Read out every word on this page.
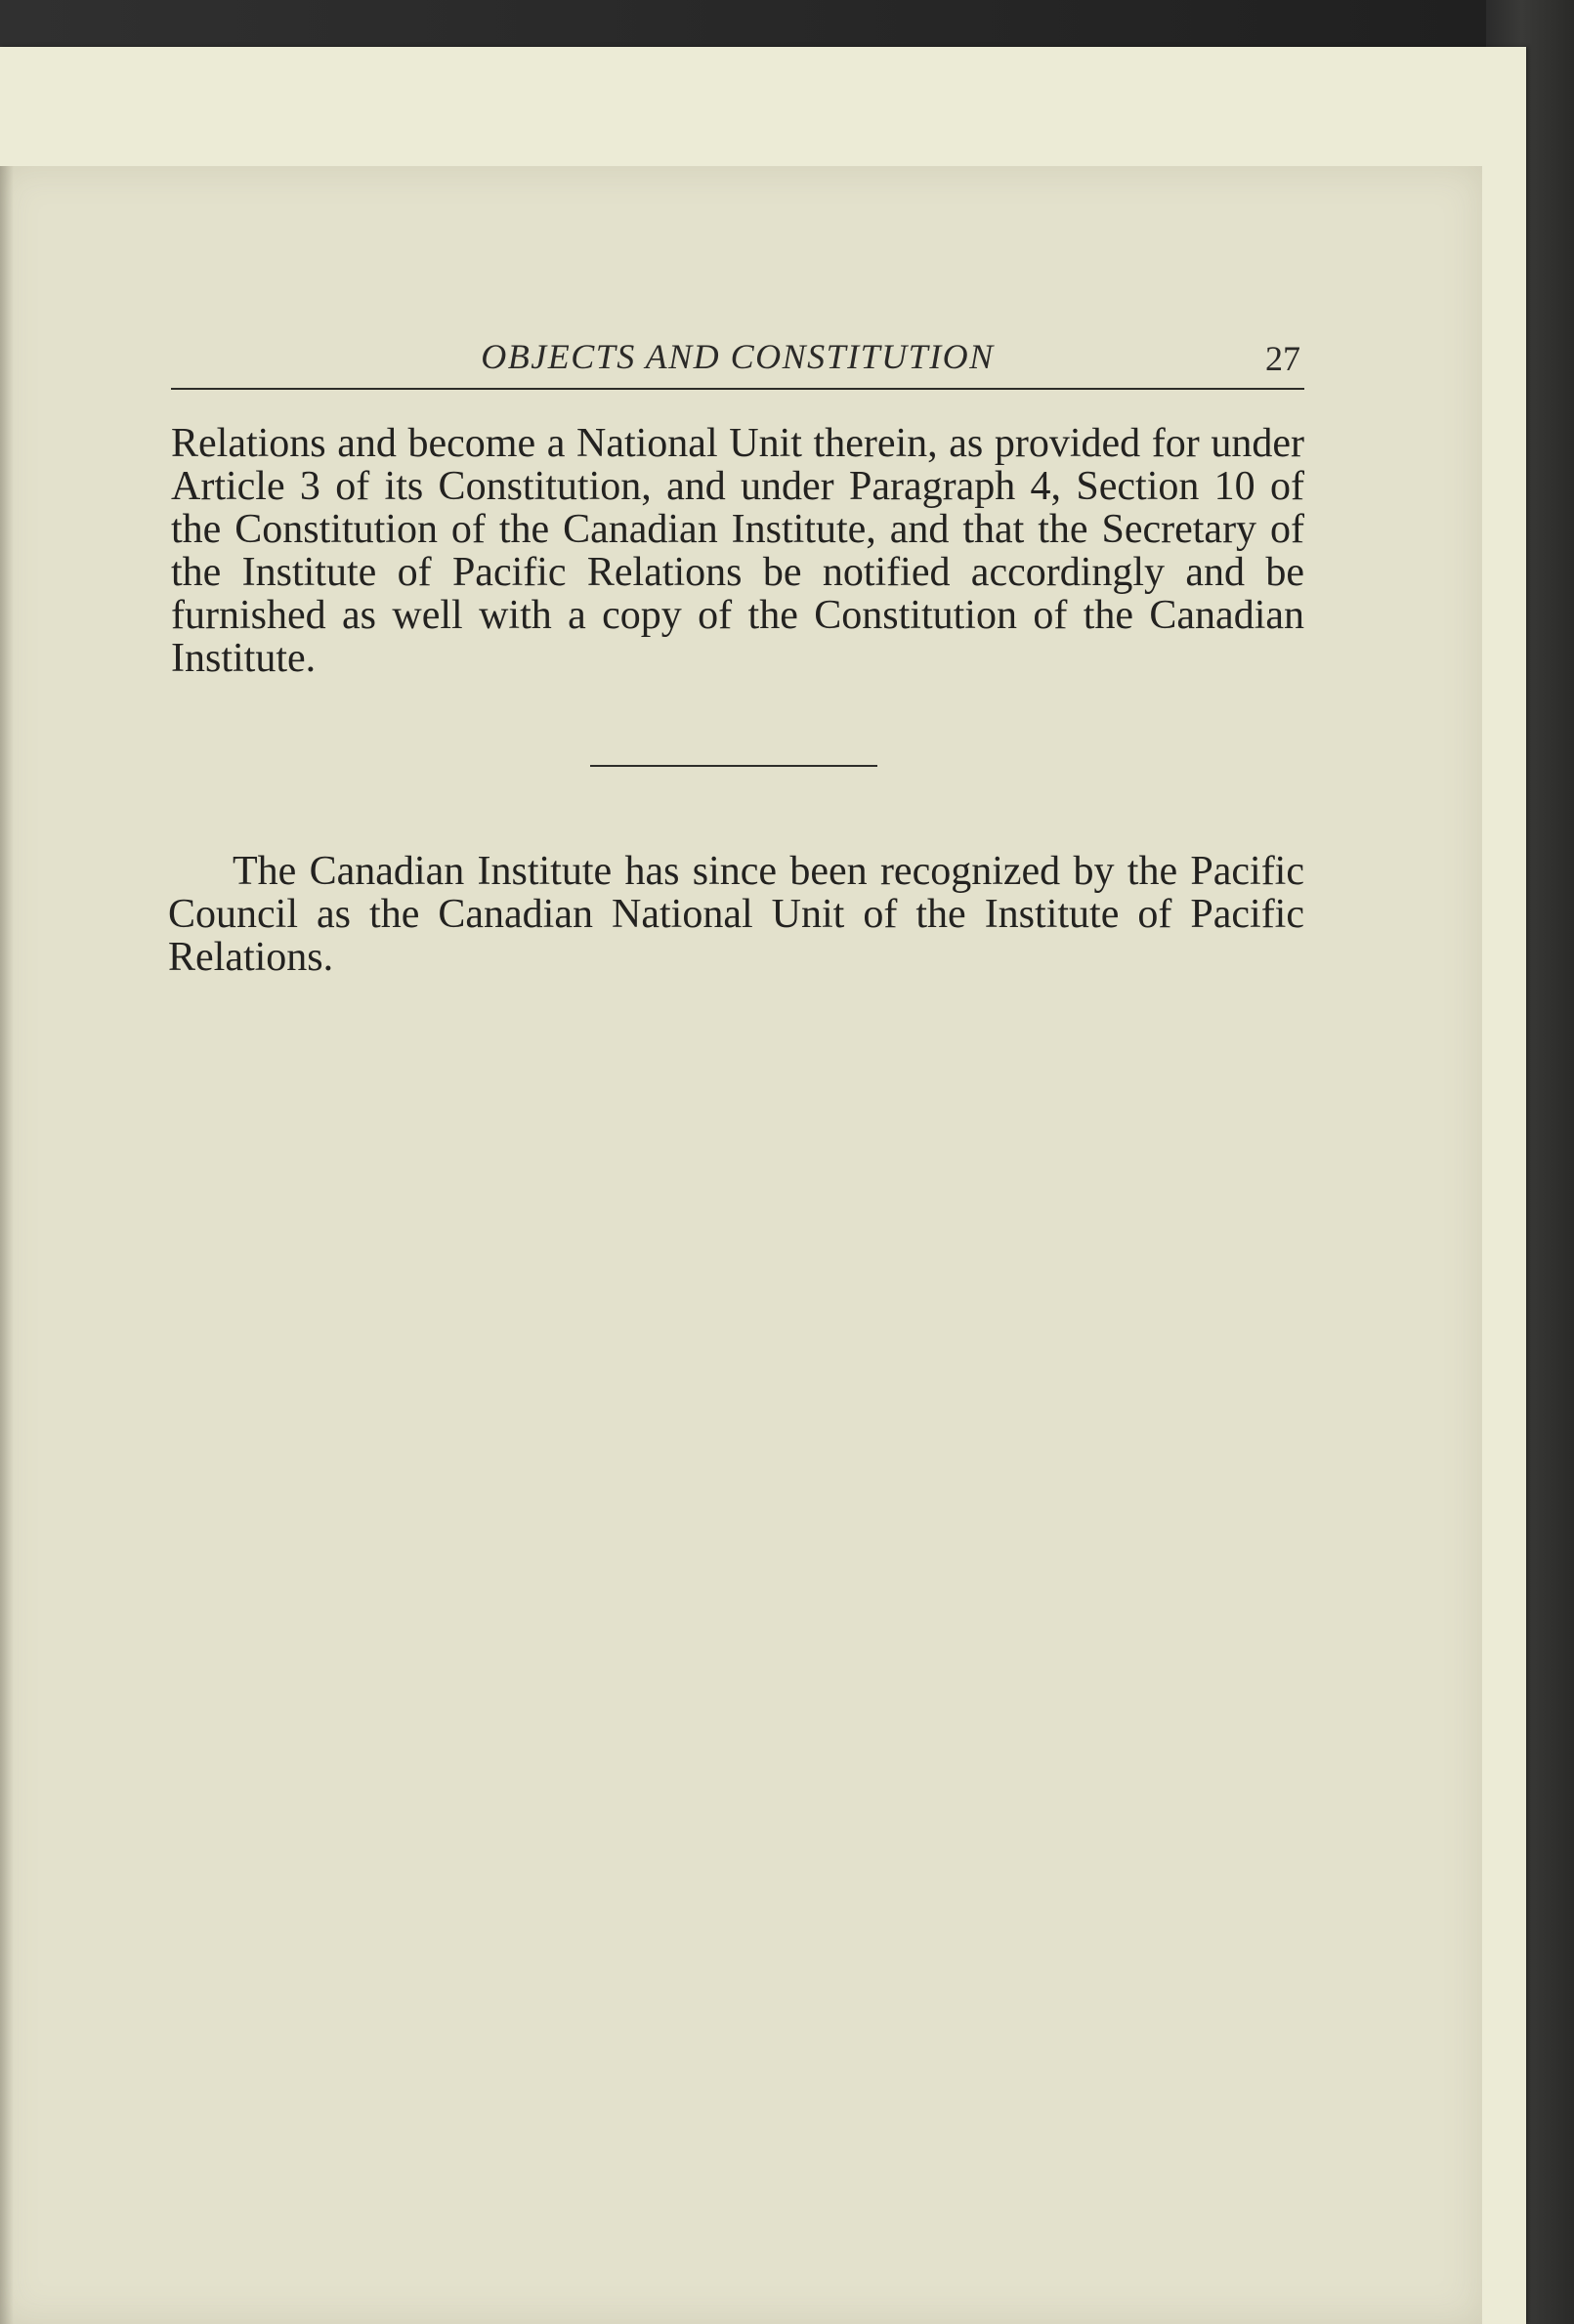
OBJECTS AND CONSTITUTION	27

Relations and become a National Unit therein, as provided for under Article 3 of its Constitution, and under Paragraph 4, Section 10 of the Constitution of the Canadian Institute, and that the Secretary of the Institute of Pacific Relations be notified accordingly and be furnished as well with a copy of the Constitution of the Canadian Institute.

The Canadian Institute has since been recognized by the Pacific Council as the Canadian National Unit of the Institute of Pacific Relations.
